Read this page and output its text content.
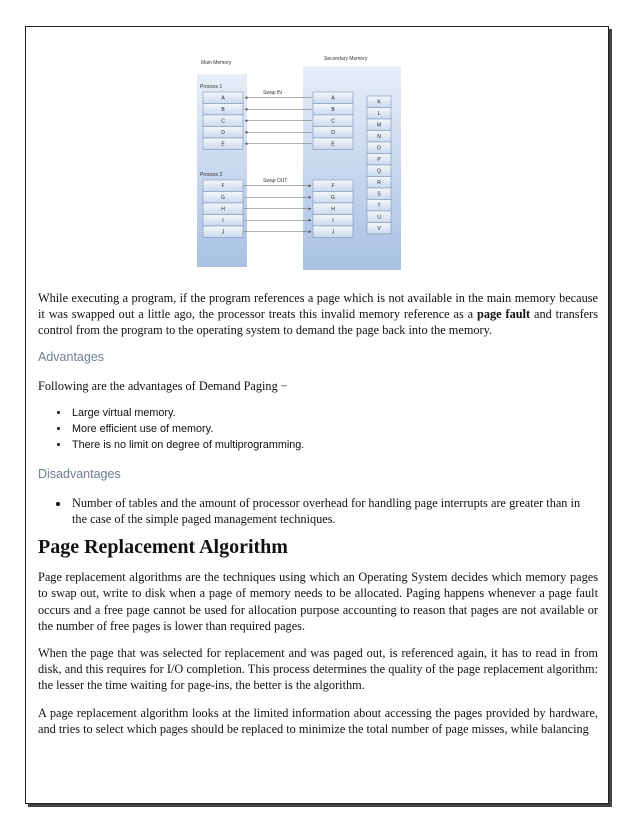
Main Memory
Secondary Memory
Process 1
Process 2
Swap IN
Swap OUT
A
B
C
D
E
F
G
H
I
J
A
B
C
D
E
F
G
H
I
J
K
L
M
N
O
P
Q
R
S
T
U
V

While executing a program, if the program references a page which is not available in the main memory because it was swapped out a little ago, the processor treats this invalid memory reference as a page fault and transfers control from the program to the operating system to demand the page back into the memory.

Advantages

Following are the advantages of Demand Paging −

• Large virtual memory.
• More efficient use of memory.
• There is no limit on degree of multiprogramming.
Disadvantages
• Number of tables and the amount of processor overhead for handling page interrupts are greater than in the case of the simple paged management techniques.
Page Replacement Algorithm

Page replacement algorithms are the techniques using which an Operating System decides which memory pages to swap out, write to disk when a page of memory needs to be allocated. Paging happens whenever a page fault occurs and a free page cannot be used for allocation purpose accounting to reason that pages are not available or the number of free pages is lower than required pages.

When the page that was selected for replacement and was paged out, is referenced again, it has to read in from disk, and this requires for I/O completion. This process determines the quality of the page replacement algorithm: the lesser the time waiting for page-ins, the better is the algorithm.

A page replacement algorithm looks at the limited information about accessing the pages provided by hardware, and tries to select which pages should be replaced to minimize the total number of page misses, while balancing
